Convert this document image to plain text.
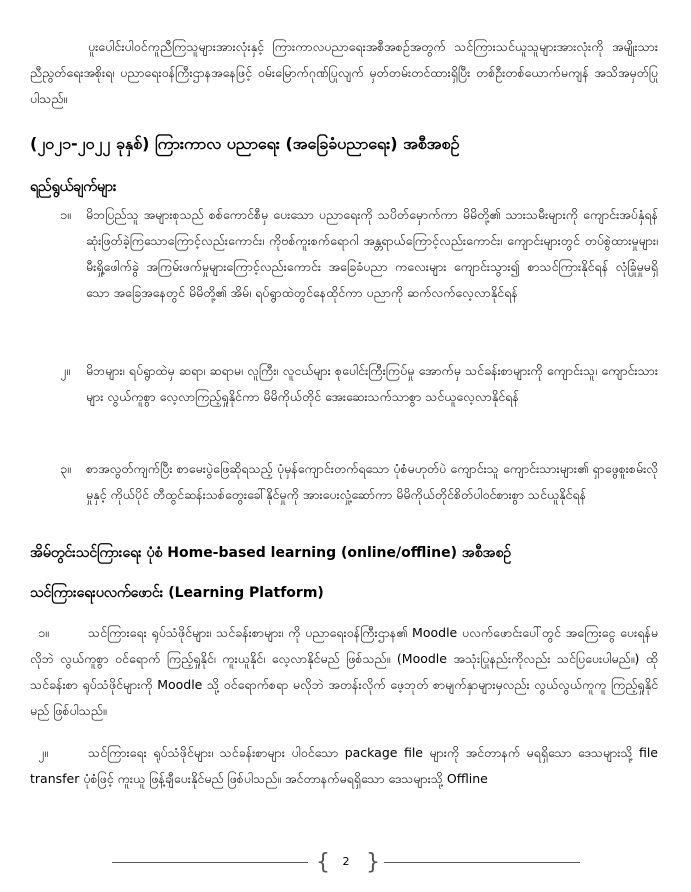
ပူးပေါင်းပါဝင်ကူညီကြသူများအားလုံးနှင့် ကြားကာလပညာရေးအစီအစဉ်အတွက် သင်ကြားသင်ယူသူများအားလုံးကို အမျိုးသားညီညွတ်ရေးအစိုးရ၊ ပညာရေးဝန်ကြီးဌာနအနေဖြင့် ဝမ်းမြောက်ဂုဏ်ပြုလျက် မှတ်တမ်းတင်ထားရှိပြီး တစ်ဦးတစ်ယောက်မကျန် အသိအမှတ်ပြုပါသည်။

(၂၀၂၁-၂၀၂၂ ခုနှစ်) ကြားကာလ ပညာရေး (အခြေခံပညာရေး) အစီအစဉ်
ရည်ရွယ်ချက်များ
၁။	မိဘပြည်သူ အများစုသည် စစ်ကောင်စီမှ ပေးသော ပညာရေးကို သပိတ်မှောက်ကာ မိမိတို့၏ သားသမီးများကို ကျောင်းအပ်နှံရန် ဆုံးဖြတ်ခဲ့ကြသောကြောင့်လည်းကောင်း၊ ကိုဗစ်ကူးစက်ရောဂါ အန္တရာယ်ကြောင့်လည်းကောင်း၊ ကျောင်းများတွင် တပ်စွဲထားမှုများ၊ မီးရှို့ဖေါက်ခွဲ အကြမ်းဖက်မှုများကြောင့်လည်းကောင်း အခြေခံပညာ ကလေးများ ကျောင်းသွား၍ စာသင်ကြားနိုင်ရန် လုံခြုံမှုမရှိသော အခြေအနေတွင် မိမိတို့၏ အိမ်၊ ရပ်ရွာထဲတွင်နေထိုင်ကာ ပညာကို ဆက်လက်လေ့လာနိုင်ရန်
၂။	မိဘများ၊ ရပ်ရွာထဲမှ ဆရာ၊ ဆရာမ၊ လူကြီး၊ လူငယ်များ စုပေါင်းကြီးကြပ်မှု အောက်မှ သင်ခန်းစာများကို ကျောင်းသူ၊ ကျောင်းသားများ လွယ်ကူစွာ လေ့လာကြည့်ရှုနိုင်ကာ မိမိကိုယ်တိုင် အေးဆေးသက်သာစွာ သင်ယူလေ့လာနိုင်ရန်
၃။	စာအလွတ်ကျက်ပြီး စာမေးပွဲဖြေဆိုရသည့် ပုံမှန်ကျောင်းတက်ရသော ပုံစံမဟုတ်ပဲ ကျောင်းသူ ကျောင်းသားများ၏ ရှာဖွေစူးစမ်းလိုမှုနှင့် ကိုယ်ပိုင် တီထွင်ဆန်းသစ်တွေးခေါ်နိုင်မှုကို အားပေးလှုံ့ဆော်ကာ မိမိကိုယ်တိုင်စိတ်ပါဝင်စားစွာ သင်ယူနိုင်ရန်
အိမ်တွင်းသင်ကြားရေး ပုံစံ Home-based learning (online/offline) အစီအစဉ်
သင်ကြားရေးပလက်ဖောင်း (Learning Platform)
၁။	သင်ကြားရေး ရုပ်သံဖိုင်များ၊ သင်ခန်းစာများ၊ ကို ပညာရေးဝန်ကြီးဌာန၏ Moodle ပလက်ဖောင်းပေါ်တွင် အကြေးငွေ ပေးရန်မလိုဘဲ လွယ်ကူစွာ ဝင်ရောက် ကြည့်ရှုနိုင်၊ ကူးယူနိုင်၊ လေ့လာနိုင်မည် ဖြစ်သည်။ (Moodle အသုံးပြုနည်းကိုလည်း သင်ပြပေးပါမည်။) ထိုသင်ခန်းစာ ရုပ်သံဖိုင်များကို Moodle သို့ ဝင်ရောက်စရာ မလိုဘဲ အတန်းလိုက် ဖေ့ဘုတ် စာမျက်နှာများမှလည်း လွယ်လွယ်ကူကူ ကြည့်ရှုနိုင်မည် ဖြစ်ပါသည်။
၂။	သင်ကြားရေး ရုပ်သံဖိုင်များ၊ သင်ခန်းစာများ ပါဝင်သော package file များကို အင်တာနက် မရရှိသော ဒေသများသို့ file transfer ပုံစံဖြင့် ကူးယူ ဖြန့်ချီပေးနိုင်မည် ဖြစ်ပါသည်။ အင်တာနက်မရရှိသော ဒေသများသို့ Offline
{	2 }
